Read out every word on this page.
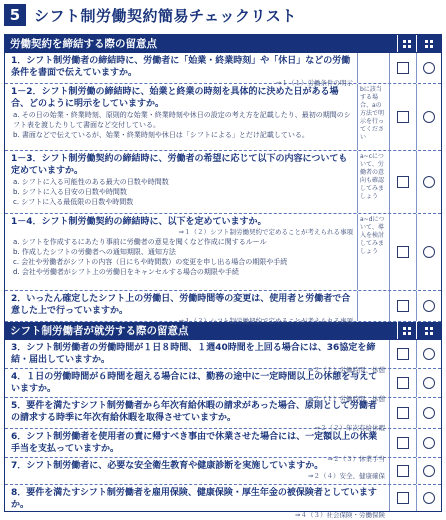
5 シフト制労働契約簡易チェックリスト
労働契約を締結する際の留意点
1．シフト制労働者の締結時に、労働者に「始業・終業時刻」や「休日」などの労働条件を書面で伝えていますか。
⇒１（１）労働条件の明示
1－2．シフト制労働の締結時に、始業と終業の時刻を具体的に決めた日がある場合、どのように明示をしていますか。
a. その日の始業・終業時刻、原則的な始業・終業時刻や休日の設定の考え方を記載したり、最初の期間のシフト表を渡したりして書面など交付している。
b. 書面などで伝えているが、始業・終業時刻や休日は「シフトによる」とだけ記載している。
bに該当する場合、aの方法で明示を行ってください
1－3．シフト制労働契約の締結時に、労働者の希望に応じて以下の内容についても定めていますか。
a. シフトに入る可能性のある最大の日数や時間数
b. シフトに入る目安の日数や時間数
c. シフトに入る最低限の日数や時間数
a~cについて、労働者の意向も確認してみましょう
1－4．シフト制労働契約の締結時に、以下を定めていますか。
⇒１（２）シフト制労働契約で定めることが考えられる事項
a. シフトを作成するにあたり事前に労働者の意見を聞くなど作成に関するルール
b. 作成したシフトの労働者への通知期限、通知方法
c. 会社や労働者がシフトの内容（日にちや時間数）の変更を申し出る場合の期限や手続
d. 会社や労働者がシフト上の労働日をキャンセルする場合の期限や手続
a~dについて、導入を検討してみましょう
2．いったん確定したシフト上の労働日、労働時間等の変更は、使用者と労働者で合意した上で行っていますか。
⇒１（２）シフト制労働契約で定めることが考えられる事項
シフト制労働者が就労する際の留意点
3．シフト制労働者の労働時間が１日８時間、１週40時間を上回る場合には、36協定を締結・届出していますか。
⇒２（１）労働時間、休憩
4．１日の労働時間が６時間を超える場合には、勤務の途中に一定時間以上の休憩を与えていますか。
⇒２（１）労働時間、休憩
5．要件を満たすシフト制労働者から年次有給休暇の請求があった場合、原則として労働者の請求する時季に年次有給休暇を取得させていますか。
⇒２（２）年次有給休暇
6．シフト制労働者を使用者の責に帰すべき事由で休業させた場合には、一定額以上の休業手当を支払っていますか。
⇒２（３）休業手当
7．シフト制労働者に、必要な安全衛生教育や健康診断を実施していますか。
⇒２（４）安全、健康確保
8．要件を満たすシフト制労働者を雇用保険、健康保険・厚生年金の被保険者としていますか。
⇒４（３）社会保険・労働保険
